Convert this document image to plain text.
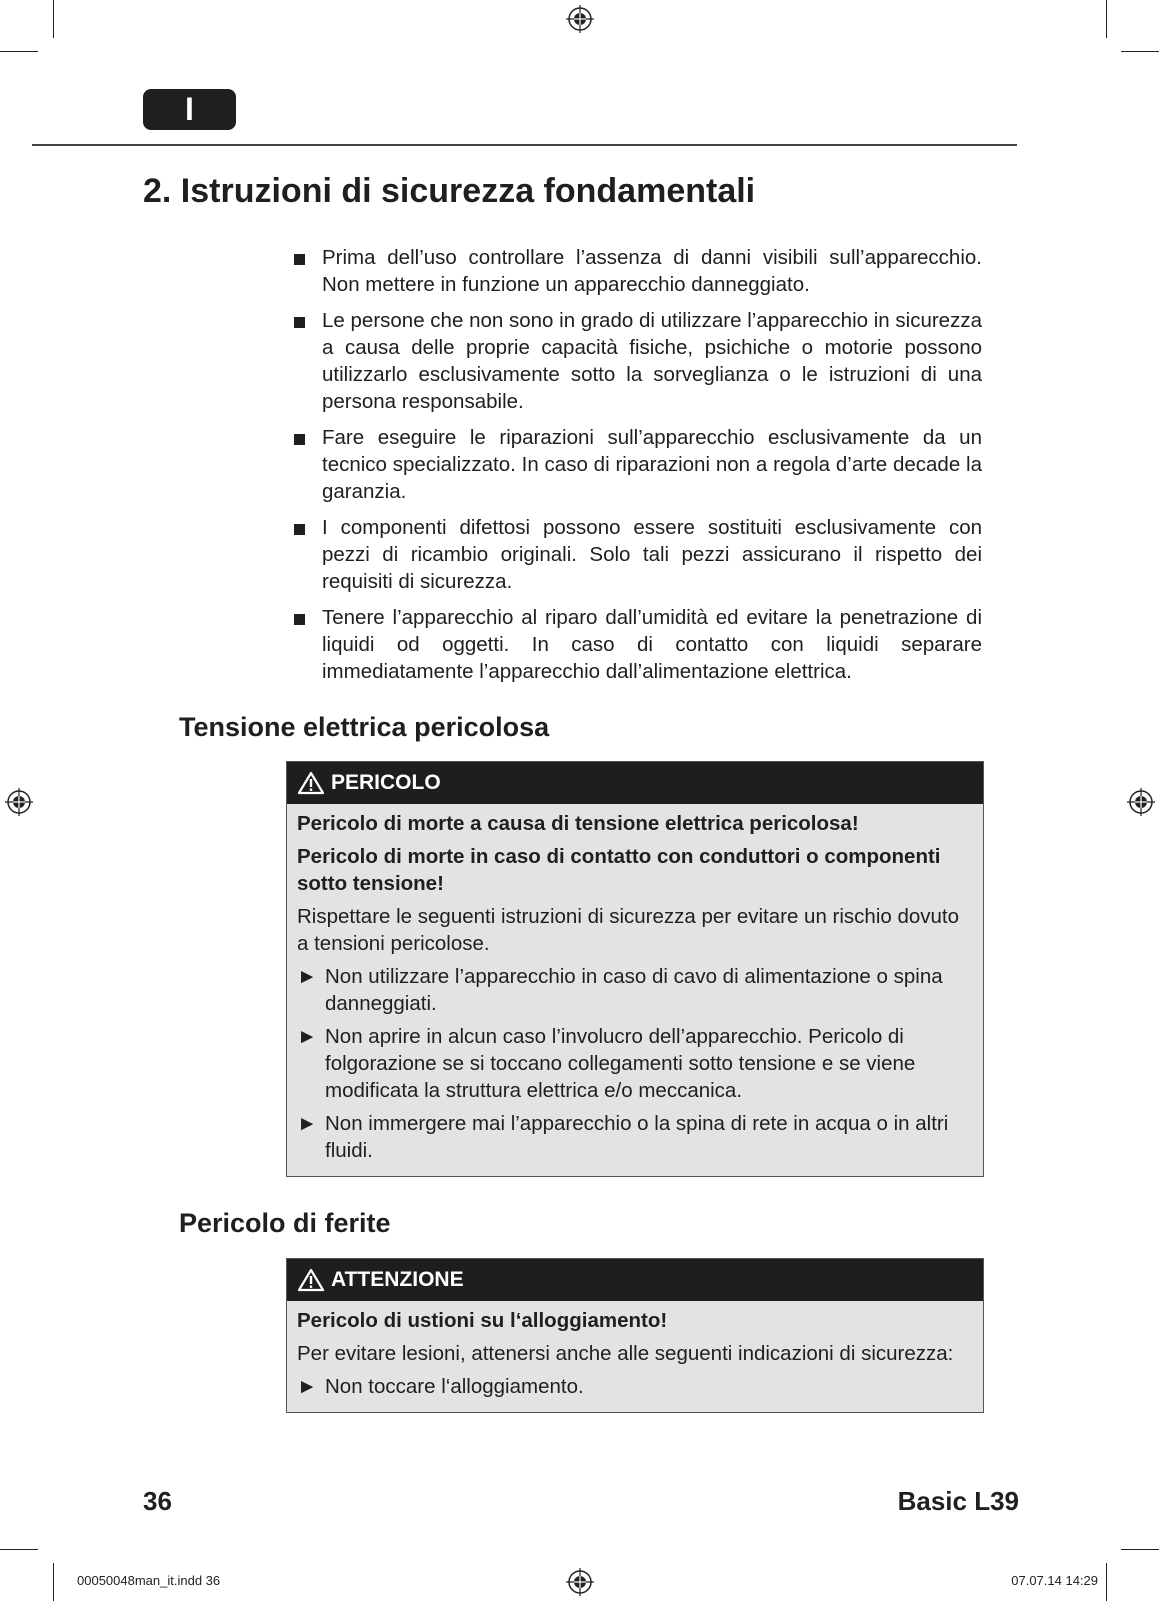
I
2. Istruzioni di sicurezza fondamentali
Prima dell’uso controllare l’assenza di danni visibili sull’apparecchio. Non mettere in funzione un apparecchio danneggiato.
Le persone che non sono in grado di utilizzare l’apparecchio in sicurezza a causa delle proprie capacità fisiche, psichiche o motorie possono utilizzarlo esclusivamente sotto la sorveglianza o le istruzioni di una persona responsabile.
Fare eseguire le riparazioni sull’apparecchio esclusivamente da un tecnico specializzato. In caso di riparazioni non a regola d’arte decade la garanzia.
I componenti difettosi possono essere sostituiti esclusivamente con pezzi di ricambio originali. Solo tali pezzi assicurano il rispetto dei requisiti di sicurezza.
Tenere l’apparecchio al riparo dall’umidità ed evitare la penetrazione di liquidi od oggetti. In caso di contatto con liquidi separare immediatamente l’apparecchio dall’alimentazione elettrica.
Tensione elettrica pericolosa
PERICOLO

Pericolo di morte a causa di tensione elettrica pericolosa!

Pericolo di morte in caso di contatto con conduttori o componenti sotto tensione!

Rispettare le seguenti istruzioni di sicurezza per evitare un rischio dovuto a tensioni pericolose.

► Non utilizzare l’apparecchio in caso di cavo di alimentazione o spina danneggiati.
► Non aprire in alcun caso l’involucro dell’apparecchio. Pericolo di folgorazione se si toccano collegamenti sotto tensione e se viene modificata la struttura elettrica e/o meccanica.
► Non immergere mai l’apparecchio o la spina di rete in acqua o in altri fluidi.
Pericolo di ferite
ATTENZIONE

Pericolo di ustioni su l‘alloggiamento!

Per evitare lesioni, attenersi anche alle seguenti indicazioni di sicurezza:

► Non toccare l‘alloggiamento.
36	Basic L39
00050048man_it.indd 36	07.07.14 14:29
